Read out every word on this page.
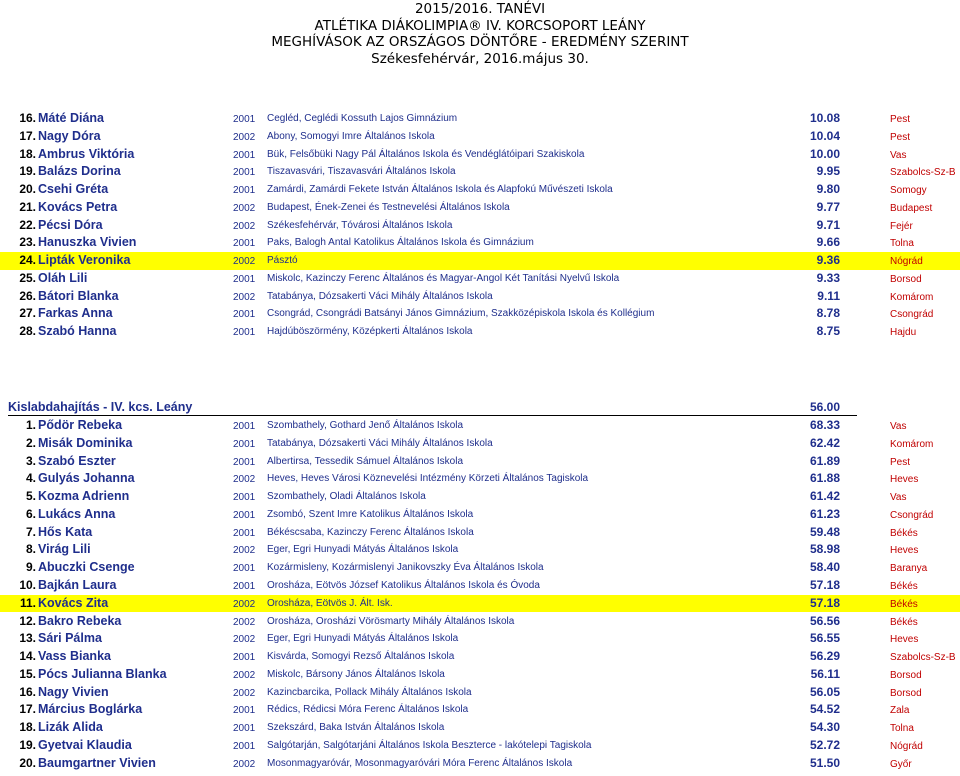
2015/2016. TANÉVI
ATLÉTIKA DIÁKOLIMPIA® IV. KORCSOPORT LEÁNY
MEGHÍVÁSOK AZ ORSZÁGOS DÖNTŐRE - EREDMÉNY SZERINT
Székesfehérvár, 2016.május 30.
16. Máté Diána	2001 Cegléd, Ceglédi Kossuth Lajos Gimnázium	10.08	Pest
17. Nagy Dóra	2002 Abony, Somogyi Imre Általános Iskola	10.04	Pest
18. Ambrus Viktória	2001 Bük, Felsőbüki Nagy Pál Általános Iskola és Vendéglátóipari Szakiskola	10.00	Vas
19. Balázs Dorina	2001 Tiszavasvári, Tiszavasvári Általános Iskola	9.95	Szabolcs-Sz-B
20. Csehi Gréta	2001 Zamárdi, Zamárdi Fekete István Általános Iskola és Alapfokú Művészeti Iskola	9.80	Somogy
21. Kovács Petra	2002 Budapest, Ének-Zenei és Testnevelési Általános Iskola	9.77	Budapest
22. Pécsi Dóra	2002 Székesfehérvár, Tóvárosi Általános Iskola	9.71	Fejér
23. Hanuszka Vivien	2001 Paks, Balogh Antal Katolikus Általános Iskola és Gimnázium	9.66	Tolna
24. Lipták Veronika	2002 Pásztó	9.36	Nógrád
25. Oláh Lili	2001 Miskolc, Kazinczy Ferenc Általános és Magyar-Angol Két Tanítási Nyelvű Iskola	9.33	Borsod
26. Bátori Blanka	2002 Tatabánya, Dózsakerti Váci Mihály Általános Iskola	9.11	Komárom
27. Farkas Anna	2001 Csongrád, Csongrádi Batsányi János Gimnázium, Szakközépiskola Iskola és Kollégium	8.78	Csongrád
28. Szabó Hanna	2001 Hajdúböszörmény, Középkerti Általános Iskola	8.75	Hajdu
Kislabdahajítás - IV. kcs. Leány	56.00
1. Pődör Rebeka	2001 Szombathely, Gothard Jenő Általános Iskola	68.33	Vas
2. Misák Dominika	2001 Tatabánya, Dózsakerti Váci Mihály Általános Iskola	62.42	Komárom
3. Szabó Eszter	2001 Albertirsa, Tessedik Sámuel Általános Iskola	61.89	Pest
4. Gulyás Johanna	2002 Heves, Heves Városi Köznevelési Intézmény Körzeti Általános Tagiskola	61.88	Heves
5. Kozma Adrienn	2001 Szombathely, Oladi Általános Iskola	61.42	Vas
6. Lukács Anna	2001 Zsombó, Szent Imre Katolikus Általános Iskola	61.23	Csongrád
7. Hős Kata	2001 Békéscsaba, Kazinczy Ferenc Általános Iskola	59.48	Békés
8. Virág Lili	2002 Eger, Egri Hunyadi Mátyás Általános Iskola	58.98	Heves
9. Abuczki Csenge	2001 Kozármisleny, Kozármislenyi Janikovszky Éva Általános Iskola	58.40	Baranya
10. Bajkán Laura	2001 Orosháza, Eötvös József Katolikus Általános Iskola és Óvoda	57.18	Békés
11. Kovács Zita	2002 Orosháza, Eötvös J. Ált. Isk.	57.18	Békés
12. Bakro Rebeka	2002 Orosháza, Orosházi Vörösmarty Mihály Általános Iskola	56.56	Békés
13. Sári Pálma	2002 Eger, Egri Hunyadi Mátyás Általános Iskola	56.55	Heves
14. Vass Bianka	2001 Kisvárda, Somogyi Rezső Általános Iskola	56.29	Szabolcs-Sz-B
15. Pócs Julianna Blanka	2002 Miskolc, Bársony János Általános Iskola	56.11	Borsod
16. Nagy Vivien	2002 Kazincbarcika, Pollack Mihály Általános Iskola	56.05	Borsod
17. Március Boglárka	2001 Rédics, Rédicsi Móra Ferenc Általános Iskola	54.52	Zala
18. Lizák Alida	2001 Szekszárd, Baka István Általános Iskola	54.30	Tolna
19. Gyetvai Klaudia	2001 Salgótarján, Salgótarjáni Általános Iskola Beszterce - lakótelepi Tagiskola	52.72	Nógrád
20. Baumgartner Vivien	2002 Mosonmagyaróvár, Mosonmagyaróvári Móra Ferenc Általános Iskola	51.50	Győr
